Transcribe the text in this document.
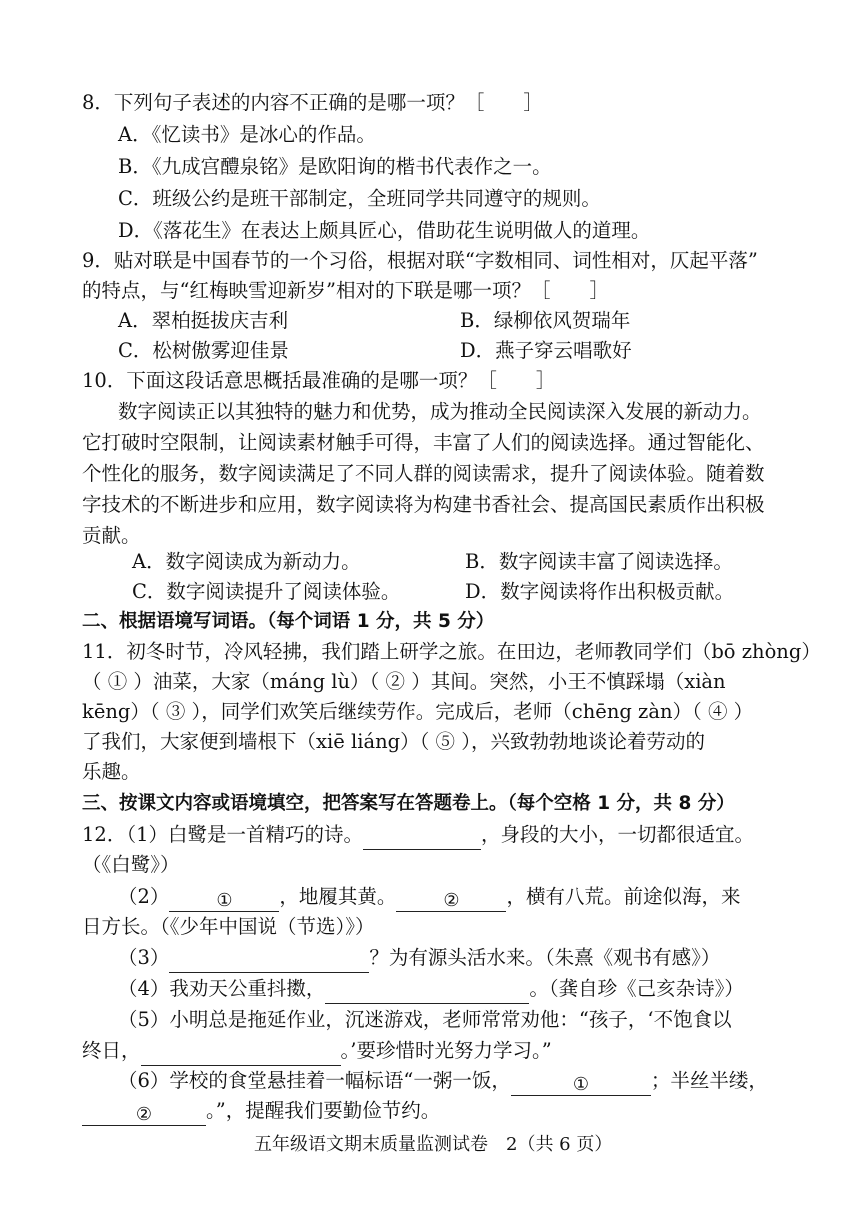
8．下列句子表述的内容不正确的是哪一项？［　　］
A．《忆读书》是冰心的作品。
B．《九成宫醴泉铭》是欧阳询的楷书代表作之一。
C．班级公约是班干部制定，全班同学共同遵守的规则。
D．《落花生》在表达上颇具匠心，借助花生说明做人的道理。
9．贴对联是中国春节的一个习俗，根据对联“字数相同、词性相对，仄起平落”
的特点，与“红梅映雪迎新岁”相对的下联是哪一项？［　　］
A．翠柏挺拔庆吉利	B．绿柳依风贺瑞年
C．松树傲雾迎佳景	D．燕子穿云唱歌好
10．下面这段话意思概括最准确的是哪一项？［　　］
数字阅读正以其独特的魅力和优势，成为推动全民阅读深入发展的新动力。
它打破时空限制，让阅读素材触手可得，丰富了人们的阅读选择。通过智能化、
个性化的服务，数字阅读满足了不同人群的阅读需求，提升了阅读体验。随着数
字技术的不断进步和应用，数字阅读将为构建书香社会、提高国民素质作出积极
贡献。
A．数字阅读成为新动力。	B．数字阅读丰富了阅读选择。
C．数字阅读提升了阅读体验。	D．数字阅读将作出积极贡献。
二、根据语境写词语。（每个词语 1 分，共 5 分）
11．初冬时节，冷风轻拂，我们踏上研学之旅。在田边，老师教同学们（bō zhòng）
（ ① ）油菜，大家（máng lù）（ ② ）其间。突然，小王不慎踩塌（xiàn
kēng）（ ③ ），同学们欢笑后继续劳作。完成后，老师（chēng zàn）（ ④ ）
了我们，大家便到墙根下（xiē liáng）（ ⑤ ），兴致勃勃地谈论着劳动的
乐趣。
三、按课文内容或语境填空，把答案写在答题卷上。（每个空格 1 分，共 8 分）
12．（1）白鹭是一首精巧的诗。	，身段的大小，一切都很适宜。
（《白鹭》）
（2）	①	，地履其黄。	②	，横有八荒。前途似海，来
日方长。（《少年中国说（节选）》）
（3）	？为有源头活水来。（朱熹《观书有感》）
（4）我劝天公重抖擞，	。（龚自珍《己亥杂诗》）
（5）小明总是拖延作业，沉迷游戏，老师常常劝他：“孩子，‘不饱食以
终日，	。’要珍惜时光努力学习。”
（6）学校的食堂悬挂着一幅标语“一粥一饭，	①	；半丝半缕，
②	。”，提醒我们要勤俭节约。
五年级语文期末质量监测试卷　2（共 6 页）
